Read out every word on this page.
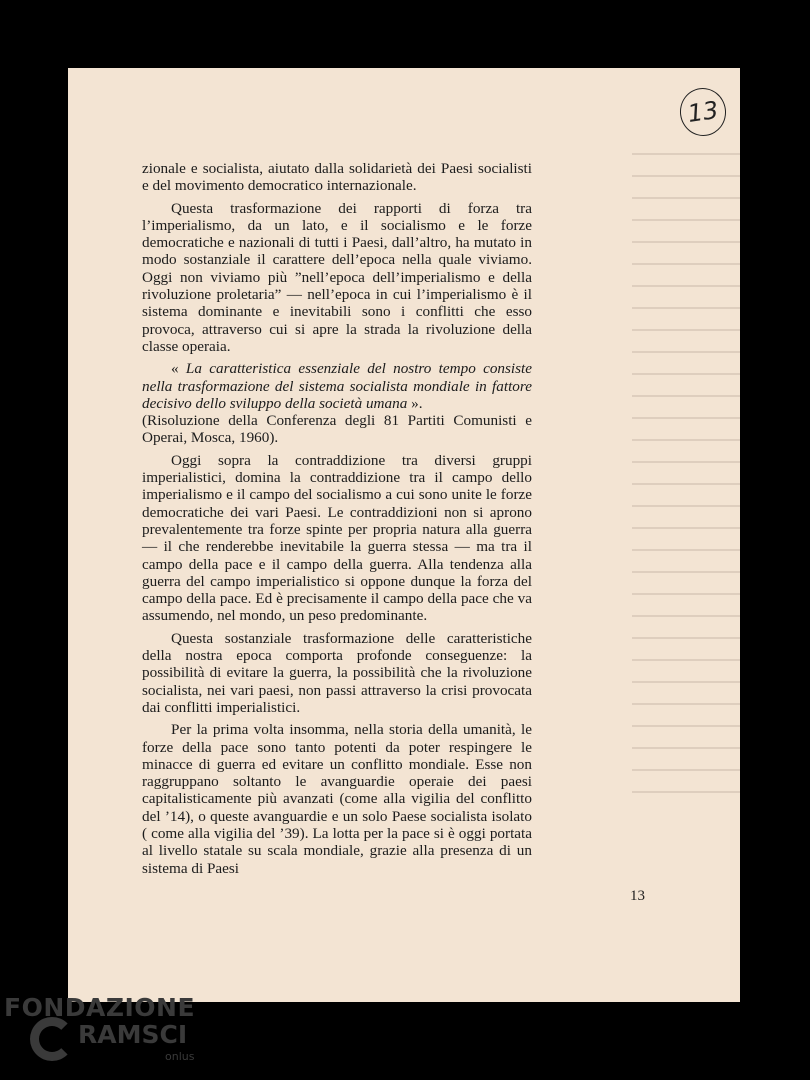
13

zionale e socialista, aiutato dalla solidarietà dei Paesi socialisti e del movimento democratico internazionale.

Questa trasformazione dei rapporti di forza tra l’imperialismo, da un lato, e il socialismo e le forze democratiche e nazionali di tutti i Paesi, dall’altro, ha mutato in modo sostanziale il carattere dell’epoca nella quale viviamo. Oggi non viviamo più ”nell’epoca dell’imperialismo e della rivoluzione proletaria” — nell’epoca in cui l’imperialismo è il sistema dominante e inevitabili sono i conflitti che esso provoca, attraverso cui si apre la strada la rivoluzione della classe operaia.

« La caratteristica essenziale del nostro tempo consiste nella trasformazione del sistema socialista mondiale in fattore decisivo dello sviluppo della società umana ».

(Risoluzione della Conferenza degli 81 Partiti Comunisti e Operai, Mosca, 1960).

Oggi sopra la contraddizione tra diversi gruppi imperialistici, domina la contraddizione tra il campo dello imperialismo e il campo del socialismo a cui sono unite le forze democratiche dei vari Paesi. Le contraddizioni non si aprono prevalentemente tra forze spinte per propria natura alla guerra — il che renderebbe inevitabile la guerra stessa — ma tra il campo della pace e il campo della guerra. Alla tendenza alla guerra del campo imperialistico si oppone dunque la forza del campo della pace. Ed è precisamente il campo della pace che va assumendo, nel mondo, un peso predominante.

Questa sostanziale trasformazione delle caratteristiche della nostra epoca comporta profonde conseguenze: la possibilità di evitare la guerra, la possibilità che la rivoluzione socialista, nei vari paesi, non passi attraverso la crisi provocata dai conflitti imperialistici.

Per la prima volta insomma, nella storia della umanità, le forze della pace sono tanto potenti da poter respingere le minacce di guerra ed evitare un conflitto mondiale. Esse non raggruppano soltanto le avanguardie operaie dei paesi capitalisticamente più avanzati (come alla vigilia del conflitto del ’14), o queste avanguardie e un solo Paese socialista isolato ( come alla vigilia del ’39). La lotta per la pace si è oggi portata al livello statale su scala mondiale, grazie alla presenza di un sistema di Paesi

13
FONDAZIONE
RAMSCI
onlus
